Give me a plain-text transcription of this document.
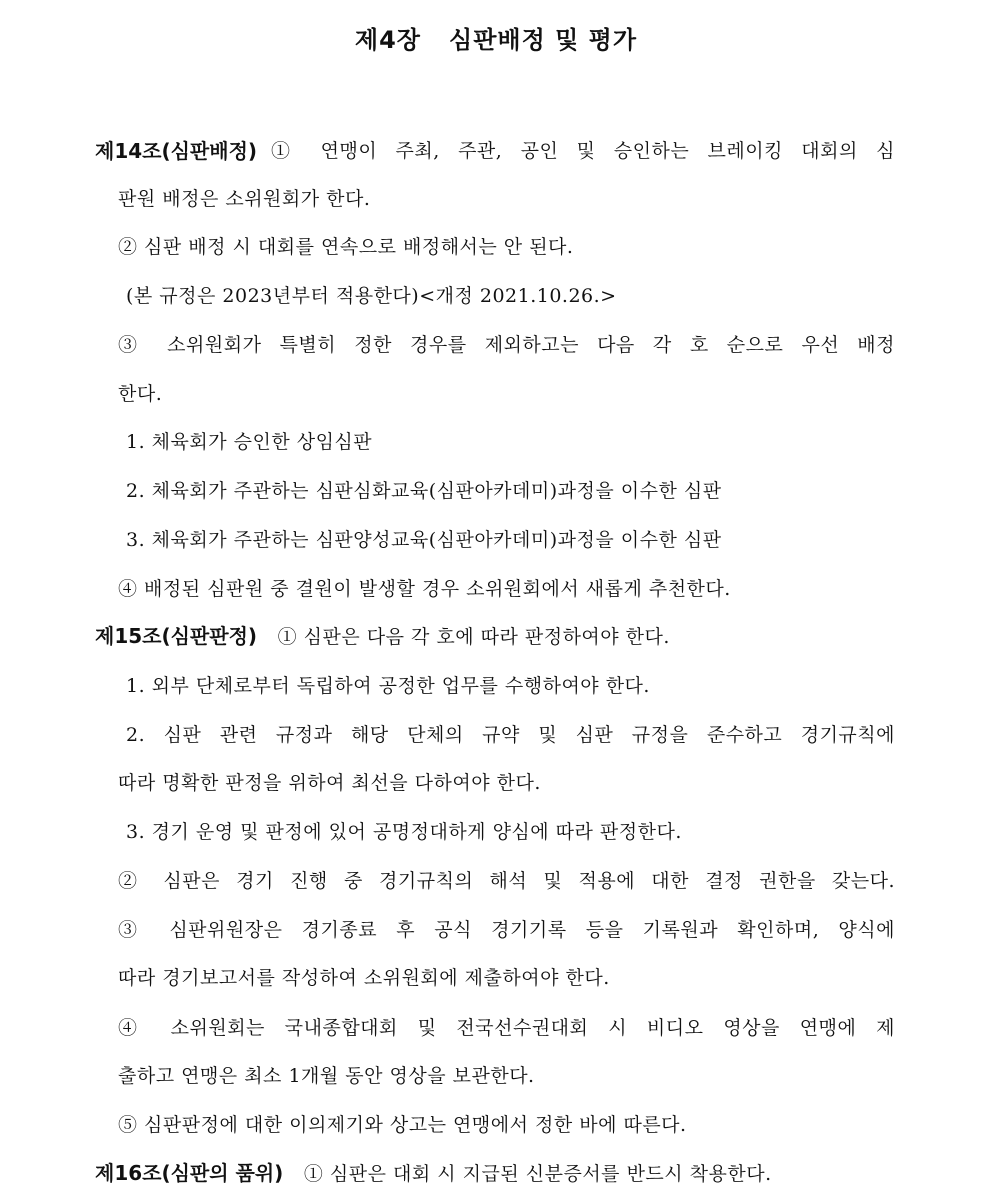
제4장   심판배정 및 평가
제14조(심판배정) ① 연맹이 주최, 주관, 공인 및 승인하는 브레이킹 대회의 심
판원 배정은 소위원회가 한다.
② 심판 배정 시 대회를 연속으로 배정해서는 안 된다.
(본 규정은 2023년부터 적용한다)<개정 2021.10.26.>
③ 소위원회가 특별히 정한 경우를 제외하고는 다음 각 호 순으로 우선 배정
한다.
1. 체육회가 승인한 상임심판
2. 체육회가 주관하는 심판심화교육(심판아카데미)과정을 이수한 심판
3. 체육회가 주관하는 심판양성교육(심판아카데미)과정을 이수한 심판
④ 배정된 심판원 중 결원이 발생할 경우 소위원회에서 새롭게 추천한다.
제15조(심판판정) ① 심판은 다음 각 호에 따라 판정하여야 한다.
1. 외부 단체로부터 독립하여 공정한 업무를 수행하여야 한다.
2. 심판 관련 규정과 해당 단체의 규약 및 심판 규정을 준수하고 경기규칙에
따라 명확한 판정을 위하여 최선을 다하여야 한다.
3. 경기 운영 및 판정에 있어 공명정대하게 양심에 따라 판정한다.
② 심판은 경기 진행 중 경기규칙의 해석 및 적용에 대한 결정 권한을 갖는다.
③ 심판위원장은 경기종료 후 공식 경기기록 등을 기록원과 확인하며, 양식에
따라 경기보고서를 작성하여 소위원회에 제출하여야 한다.
④ 소위원회는 국내종합대회 및 전국선수권대회 시 비디오 영상을 연맹에 제
출하고 연맹은 최소 1개월 동안 영상을 보관한다.
⑤ 심판판정에 대한 이의제기와 상고는 연맹에서 정한 바에 따른다.
제16조(심판의 품위) ① 심판은 대회 시 지급된 신분증서를 반드시 착용한다.
